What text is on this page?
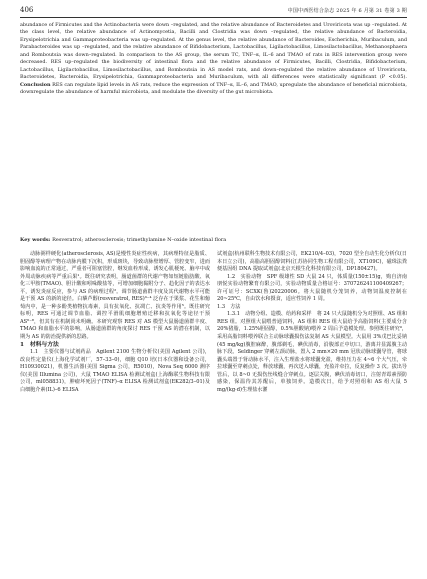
406	中国中西医结合杂志 2025 年 6 月第 31 卷第 3 期

abundance of Firmicutes and the Actinobacteria were down –regulated, and the relative abundance of Bacteroidetes and Uroviricota was up –regulated. At the class level, the relative abundance of Actinomycetia, Bacilli and Clostridia was down –regulated, the relative abundance of Bacteroidia, Erysipelotrichia and Gammaproteobacteria was up–regulated. At the genus level, the relative abundance of Bacteroides, Escherichia, Muribaculum, and Parabacteroides was up –regulated, and the relative abundance of Bifidobacterium, Lactobacillus, Ligilactobacillus, Limosilactobacillus, Methanosphaera and Romboutsia was down–regulated. In comparison to the AS group, the serum TC, TNF–α, IL–6 and TMAO of rats in RES intervention group were decreased. RES up–regulated the biodiversity of intestinal flora and the relative abundance of Firmicutes, Bacilli, Clostridia, Bifidobacterium, Lactobacillus, Ligilactobacillus, Limosilactobacillus, and Romboutsia in AS model rats, and down–regulated the relative abundance of Uroviricota, Bacteroidetes, Bacteroidia, Erysipelotrichia, Gammaproteobacteria and Muribaculum, with all differences were statistically significant (P <0.05). Conclusion RES can regulate lipid levels in AS rats, reduce the expression of TNF–α, IL–6, and TMAO, upregulate the abundance of beneficial microbiota, downregulate the abundance of harmful microbiota, and modulate the diversity of the gut microbiota.

Key words: Resveratrol; atherosclerosis; trimethylamine N–oxide intestinal flora

动脉粥样硬化(atherosclerosis, AS)是慢性炎症性疾病，其病理特征是脂质、胆固醇等病理产物在动脉内膜下沉积，形成斑块，导致动脉壁增厚、管腔变窄，进而影响血流的正常通过，严重者可阻塞管腔，继发血栓形成，诱发心肌梗死、脑卒中或外周动脉疾病等严重后果¹。既往研究表明，肠道菌群的代谢产物如短链脂肪酸、氧化三甲胺(TMAO)、胆汁酸和吲哚酸盐等，可增加细胞黏附分子、趋化因子的表达水平，诱发炎症反应，参与 AS 的病理过程²。调节肠道菌群丰度及其代谢物水平可能是干预 AS 的新的途径。白藜芦醇(resveratrol, RES)³⁻⁴ 泛存在于果浆、花生和葡萄内中，是一种多酚类植物抗毒素，具有抗氧化、抗凋亡、抗炎等作用⁵。既往研究标明，RES 可通过调节血脂、调控平滑肌细胞增殖迁移和抗氧化等途径干预 AS⁶⁻⁸，但其有在机制尚未明确。本研究观察 RES 对 AS 模型大鼠肠道菌群丰度、TMAO 和血脂水平的影响，从肠道菌群的角度探讨 RES 干预 AS 的潜在机制，以期为 AS 的防治提供新的思路。

1　材料与方法

1.1　主要仪器与试剂药品　Agilent 2100 生物分析仪(美国 Agilent 公司)，改良性定量仪(上海化学试剂厂，57–33–0)，细胞 Q10 培(日本仪器和设备公司，H10930021)，机器生活器(美国 Sigma 公司，R5010)，Nova Seq 6000 测序仪(美国 Illumina 公司)，大鼠 TMAO ELISA 检测试剂盒(上海酶联生物科技有限公司，ml058831)，肿瘤坏死因子(TNF)–α ELISA 检测试剂盒(EK282/3–01)及白细胞介素(IL)–6 ELISA

试剂盒(杭州联科生物技术有限公司，EK210/4–03)，7020 型全自动生化分析仪(日本日立公司)，高脂高胆固醇饲料(江苏协同生物工程有限公司，XT109C)，磁珠法粪便基因组 DNA 提取试剂盒(北京天根生化科技有限公司，DP180427)。

1.2　实验动物　SPF 级雄性 SD 大鼠 24 只，体质量(150±15)g，购自济南朋悦实验动物繁育有限公司，实验动物质量合格证号：370726241100409267；许可证号：SCXK(鲁)20220006。将大鼠随机分笼饲养，动物饲温度控制在 20~25℃，自由饮水和摄食，适应性饲养 1 周。

1.3　方法

1.3.1　动物分组、造模、给药和采样　将 24 只大鼠随机分为对照组、AS 组和 RES 组。对照组大鼠喂普通饲料，AS 组和 RES 组大鼠给予高脂饲料(主要成分含 20%猪脂，1.25%胆固醇，0.5%胆酸钠)喂养 2 周后予造模处理。参照既往研究⁹，采用高脂饲料喂养联合主动脉球囊损伤法复制 AS 大鼠模型。大鼠用 3%戊巴比妥钠(45 mg/kg)腹腔麻醉，腹部剃毛，碘伏消毒，沿腹部正中切口，游离并显露腹主动脉下段。Seldinger 穿刺左颈动脉，置入 2 mm×20 mm 冠状动脉球囊导管，将球囊头端置于肾动脉水平，注入生理盐水将球囊充盈，维持压力在 4~6 个大气压，牵拉球囊至穿刺点处，释放球囊，再次送入球囊，充盈并牵拉，反复操作 3 次。拔出导管后，以 8~0 无损伤丝线缝合穿刺点。逐层关腹，碘伏消毒切口，注射青霉素预防感染，保温待其苏醒后，单独饲养。造模次日，给予对照组和 AS 组大鼠 5 mg/(kg·d)生理盐水灌
